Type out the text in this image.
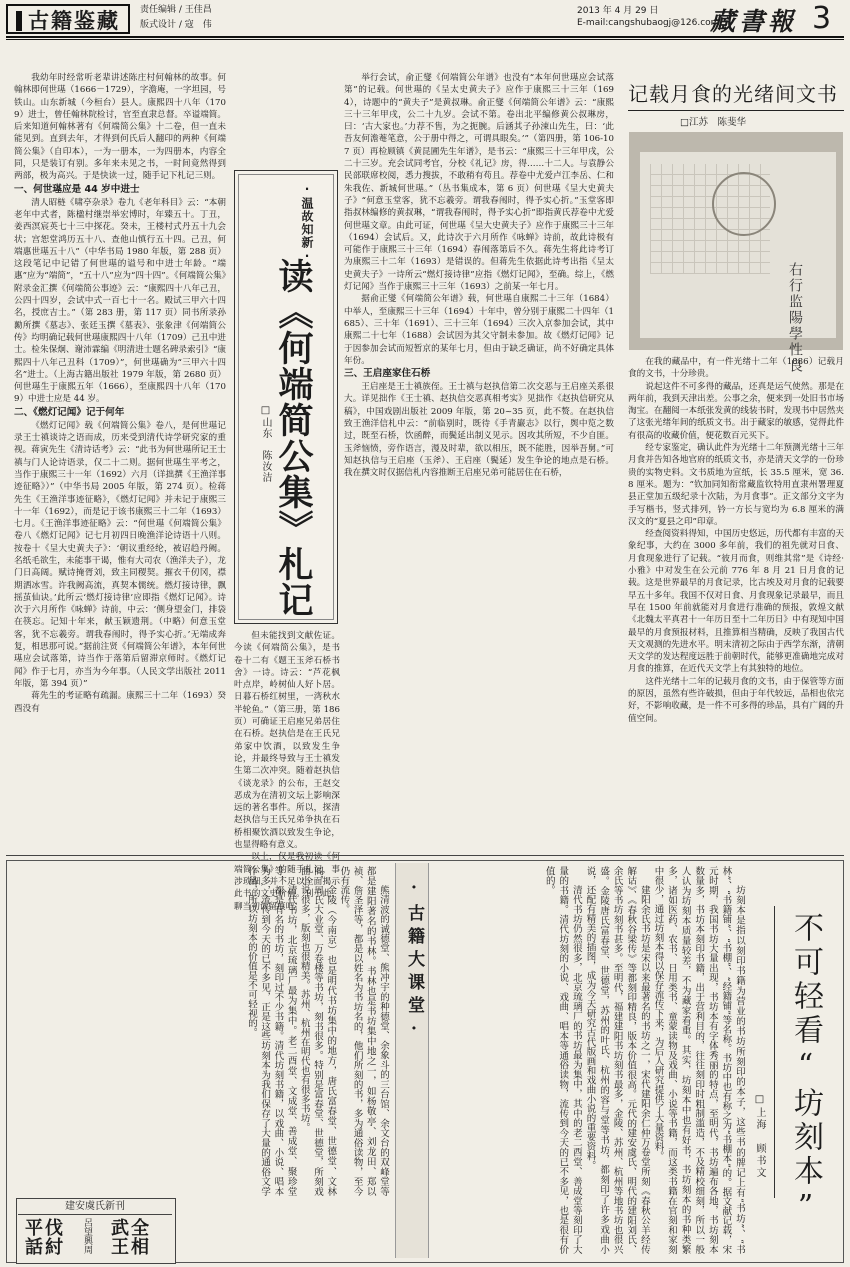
古籍鉴藏	责任编辑 / 王佳昌
版式设计 / 寇　伟
2013 年 4 月 29 日
E-mail:cangshubaogj@126.com
藏書報 3

我幼年时经常听老辈讲述陈庄村何翰林的故事。何翰林即何世璂（1666－1729），字澹庵，一字坦园，号铁山。山东新城（今桓台）县人。康熙四十八年（1709）进士，曾任翰林院检讨，官至直隶总督。卒谥端简。后来知道何翰林著有《何端简公集》十二卷，但一直未能见到。直到去年，才得到何氏后人翻印的两种《何端简公集》（自印本），一为一册本，一为四册本，内容全同，只是装订有别。多年来未见之书，一时间竟然得到两部，极为高兴。于是快读一过，随手记下札记三则。

一、何世璂应是 44 岁中进士

清人昭梿《啸亭杂录》卷九《老年科目》云：“本朝老年中式者，陈楹村继崇举宏博时，年臻五十。丁丑，姜西溟宸英七十三中探花。癸未，王楼村式丹五十九会状；宫恕堂鸿历五十八、查他山慎行五十四。己丑，何端惠世璂五十八”（中华书局 1980 年版，第 288 页）这段笔记中记错了何世璂的谥号和中进士年龄。“端惠”应为“端简”，“五十八”应为“四十四”。《何端简公集》附录金汇撰《何端简公事迹》云：“康熙四十八年己丑，公四十四岁，会试中式一百七十一名。殿试三甲六十四名，授庶吉士。”（第 283 册，第 117 页）同书所录孙勷所撰《墓志》、张廷玉撰《墓表》、张象津《何端简公传》均明确记载何世璂康熙四十八年（1709）己丑中进士。检朱保炯、谢沛霖编《明清进士题名碑录索引》“康熙四十八年己丑科（1709）”，何世璂确为“三甲六十四名”进士。（上海古籍出版社 1979 年版，第 2680 页）何世璂生于康熙五年（1666），至康熙四十八年（1709）中进士应是 44 岁。

二、《燃灯记闻》记于何年

《燃灯记闻》载《何端简公集》卷八，是何世璂记录王士禛谈诗之语而成，历来受到清代诗学研究家的重视。蒋寅先生《清诗话考》云：“此书为何世璂所记王士禛与门人论诗语录，仅二十二则。据何世璂生平考之，当作于康熙三十一年（1692）六月（详拙撰《王渔洋事迹征略》）”（中华书局 2005 年版，第 274 页）。检蒋先生《王渔洋事迹征略》，《燃灯记闻》并未记于康熙三十一年（1692），而是记于该书康熙三十二年（1693）七月。《王渔洋事迹征略》云：“何世璂《何端简公集》卷八《燃灯记闻》记七月初四日晚渔洋论诗语十八则。按卷十《呈大史黄夫子》：‘朝议重经纶，被诏趋丹阙。名纸毛欲生，未能事干谒，惟有大司农（渔洋夫子），龙门日高阔。赋诗掩胥刘，致主同稷契。摧衣千仞冈，襟期洒冰雪。许我阙高流，真契本儒统。燃灯接诗律，飘摇茧仙诀。’此所云‘燃灯接诗律’应即指《燃灯记闻》。诗次于六月所作《咏蝉》诗前，中云：‘侧身望金门，排袋在筷忘。记知十年来，献玉颖遗荆。（中略）何意玉堂客，犹不忘羲旁。谓我春闱时，得予实心折。’无端成奔复，相思那可说。”据前注贤《何端简公年谱》，本年何世璂应会试落第，诗当作于落第后留滞京师时。《燃灯记闻》作于七月，亦当为今年事。（人民文学出版社 2011 年版，第 394 页）”

蒋先生的考证略有疏漏。康熙三十二年（1693）癸酉没有

·温故知新·
读《何端简公集》札记
□山东　陈汝洁

举行会试，俞正燮《何端简公年谱》也没有“本年何世璂应会试落第”的记载。何世璂的《呈太史黄夫子》应作于康熙三十三年（1694），诗题中的“黄夫子”是黄叔琳。俞正燮《何端简公年谱》云：“康熙三十三年甲戌，公二十九岁。会试不第。卷出北平编修黄公叔琳房，曰：‘古大家也。’力荐不售，为之扼腕。后涵其子孙涑山先生，曰：‘此吾友何澹菴笔意，公于册中得之，可谓具眼矣。’”（第四册，第 106-107 页）再检顾镇《黄昆圃先生年谱》，是书云：“康熙三十三年甲戌，公二十三岁。充会试同考官，分校《礼记》房，得……十二人。与袁静公民部联席校阅，悉力搜拔，不敢稍有苟且。荐卷中尤爱卢江李岳、仁和朱我佐、新城何世璂。”（丛书集成本，第 6 页）何世璂《呈大史黄夫子》“何意玉堂客，犹不忘羲旁。谓我春闱时，得予实心折。”玉堂客即指叔林编修的黄叔琳，“谓我春闱时，得予实心折”即指黄氏荐卷中尤爱何世璂文章。由此可证，何世璂《呈大史黄夫子》应作于康熙三十三年（1694）会试后。又，此诗次于六月所作《咏蝉》诗前，故此诗极有可能作于康熙三十三年（1694）春闱落第后不久。蒋先生将此诗考订为康熙三十二年（1693）是错误的。但蒋先生依据此诗考出指《呈太史黄夫子》一诗所云“燃灯接诗律”应指《燃灯记闻》，至确。综上，《燃灯记闻》当作于康熙三十三年（1693）之前某一年七月。

据俞正燮《何端简公年谱》载，何世璂自康熙二十三年（1684）中举人，至康熙三十三年（1694）十年中，曾分别于康熙二十四年（1685）、三十年（1691）、三十三年（1694）三次入京参加会试，其中康熙二十七年（1688）会试因为其父守制未参加。故《燃灯记闻》记于因参加会试而短暂京的某年七月，但由于缺乏确证，尚不好确定具体年份。

三、王启座家住石桥

王启座是王士禛族侄。王士禛与赵执信第二次交恶与王启座关系很大。详见拙作《王士禛、赵执信交恶真相考实》见拙作《赵执信研究从稿》，中国戏剧出版社 2009 年版，第 20~35 页，此不赘。在赵执信致王渔洋信札中云：“前临别时，既待《手青巖志》以行，舆中览之数过，既至石桥，饮函醉，而鬓延出制义见示。因攻其所短，不少自匪。玉斧恼愤，旁作语言，漫及时辈，欲以相压，既不能胜，因举吾舅。”可知赵执信与王启座（玉斧）、王启座（鬓延）发生争论的地点是石桥。我在撰文时仅据信札内容推断王启座兄弟可能居住在石桥，

但未能找到文献佐证。今读《何端简公集》，是书卷十二有《题王玉斧石桥书舍》一诗。诗云：“芦花枫叶点岸，岭树仙人好卜居。日暮石桥红树里，一湾秋水半轮鱼。”（第三册，第 186 页）可确证王启座兄弟居住在石桥。赵执信是在王氏兄弟家中饮酒，以致发生争论，并最终导致与王士禛发生第二次冲突。随着赵执信《谈龙录》的公布，王赵交恶成为在清初文坛上影响深远的著名事件。所以，探清赵执信与王氏兄弟争执在石桥相聚饮酒以致发生争论，也显得略有意义。

以上，仅是我初读《何端简公集》的随手札记，事涉琐细，并不足以全面揭示此书的文史价值。刊于此，聊当初读留痕吧。

记载月食的光绪间文书
□江苏　陈斐华
右行监陽學性良

在我的藏品中，有一件光绪十二年（1886）记载月食的文书，十分珍贵。

说起这件不可多得的藏品，还真是运气使然。那是在两年前，我到天津出差。公事之余，便来到一处旧书市场淘宝。在翻阅一本纸张发黄的线装书时，发现书中居然夹了这张光绪年间的纸质文书。出于藏家的敏感，觉得此件有很高的收藏价值，便花数百元买下。

经专家鉴定，确认此件为光绪十二年预测光绪十三年月食并告知各地官府的纸质文书，亦是清天文学的一份珍贵的实物史料。文书质地为宣纸，长 35.5 厘米，宽 36.8 厘米。题为：“钦加同知衔常藏监钦特用直隶州署理夏县正堂加五级纪录十次陆，为月食事”。正文部分文字为手写楷书，竖式排列，钤一方长与宽均为 6.8 厘米的满汉文的“夏县之印”印章。

经查阅资料得知，中国历史悠远，历代都有丰富的天象纪事，大约在 3000 多年前，我们的祖先就对日食、月食现象进行了记载。“彼月而食，则维其常”是《诗经·小雅》中对发生在公元前 776 年 8 月 21 日月食的记载。这是世界最早的月食记录，比古埃及对月食的记载要早五十多年。我国不仅对日食、月食现象记录最早，而且早在 1500 年前就能对月食进行准确的预报，敦煌文献《北魏太平真君十一年历日至十二年历日》中有现知中国最早的月食预报材料，且推算相当精确，反映了我国古代天文观测的先进水平。明末清初之际由于西学东渐，清朝天文学的发达程度远胜于前朝时代，能够更准确地完成对月食的推算，在近代天文学上有其独特的地位。

这件光绪十二年的记载月食的文书，由于保管等方面的原因，虽然有些许破损，但由于年代较远，品相也依完好，不影响收藏，是一件不可多得的珍品，具有广阔的升值空间。

·古籍大课堂·

熊清波的诚德堂、熊冲宇的种德堂、余象斗的三台馆、余文台的双峰堂等都是建阳著名的书林。书林也是书坊集中地之一，如杨敬亭、刘龙田、郑以祯、詹圣泽等，都是以姓名为书坊名的，他们所刻的书，多为通俗读物，至今仍有流传。

金陵（今南京）也是明代书坊集中的地方，唐氏富春堂、世德堂、文林阁，周氏大业堂、万卷楼等书坊，刻书很多。特别是富春堂、世德堂，所刻戏曲小说很多，版刻也很精美。苏州、杭州在明代也有很多书坊。

清代书坊，北京琉璃厂最为集中。老二酉堂、文成堂、善成堂、聚珍堂等，都是有名的书坊，刻印过不少书籍。清代坊刻书籍，以戏曲、小说、唱本为多，流传到今天的已不多见，正是这些坊刻本为我们保存了大量的通俗文学作品，所以坊刻本的价值是不可轻视的。	坊刻本是指以刻印书籍为营业的书坊所刻印的本子，这些书的牌记上有“书坊”、“书林”、“书籍铺”、“书棚”、“经籍铺”等名称。书坊中也有称之为“书棚本”的。据文献记载，宋元时期，我国书坊大量出现，书坊本有字体秀丽的特点，至明代，书坊遍布各地，书坊刻本数量多，书坊本刻印书籍，出于营利目的，往往刻印时粗制滥造，不及精校细刻，所以一般人认为坊刻本质量较差，不为藏家看重。其实，坊刻本中也有好书，书坊刻本的书种类繁多，诸如医药、农书、日用类书、童蒙读物及戏曲、小说等书籍，而这类书籍在官刻和家刻中很少，通过坊刻本得以保存流传下来，为后人研究提供了大量资料。

建阳余氏书坊是宋以来最著名的书坊之一，宋代建阳余仁仲万卷堂所刻《春秋公羊经传解诂》、《春秋谷梁传》等都刻印精良，版本价值很高。元代的建安虞氏、明代的建阳刘氏、余氏等书坊刻书甚多。至明代，福建建阳书坊刻书最多，金陵、苏州、杭州等地书坊也很兴盛。金陵唐氏富春堂、世德堂，苏州的叶氏、杭州的容与堂等书坊，都刻印了许多戏曲小说，还配有精美的插图，成为今天研究古代版画和戏曲小说的重要资料。

清代书坊仍然很多，北京琉璃厂的书坊最为集中，其中的老二酉堂、善成堂等刻印了大量的书籍。清代坊刻的小说、戏曲、唱本等通俗读物，流传到今天的已不多见，也是很有价值的。

不可轻看“坊刻本”
□上海　顾书文
建安虞氏新刊
伐紂平話	呂望興周	全相武王
